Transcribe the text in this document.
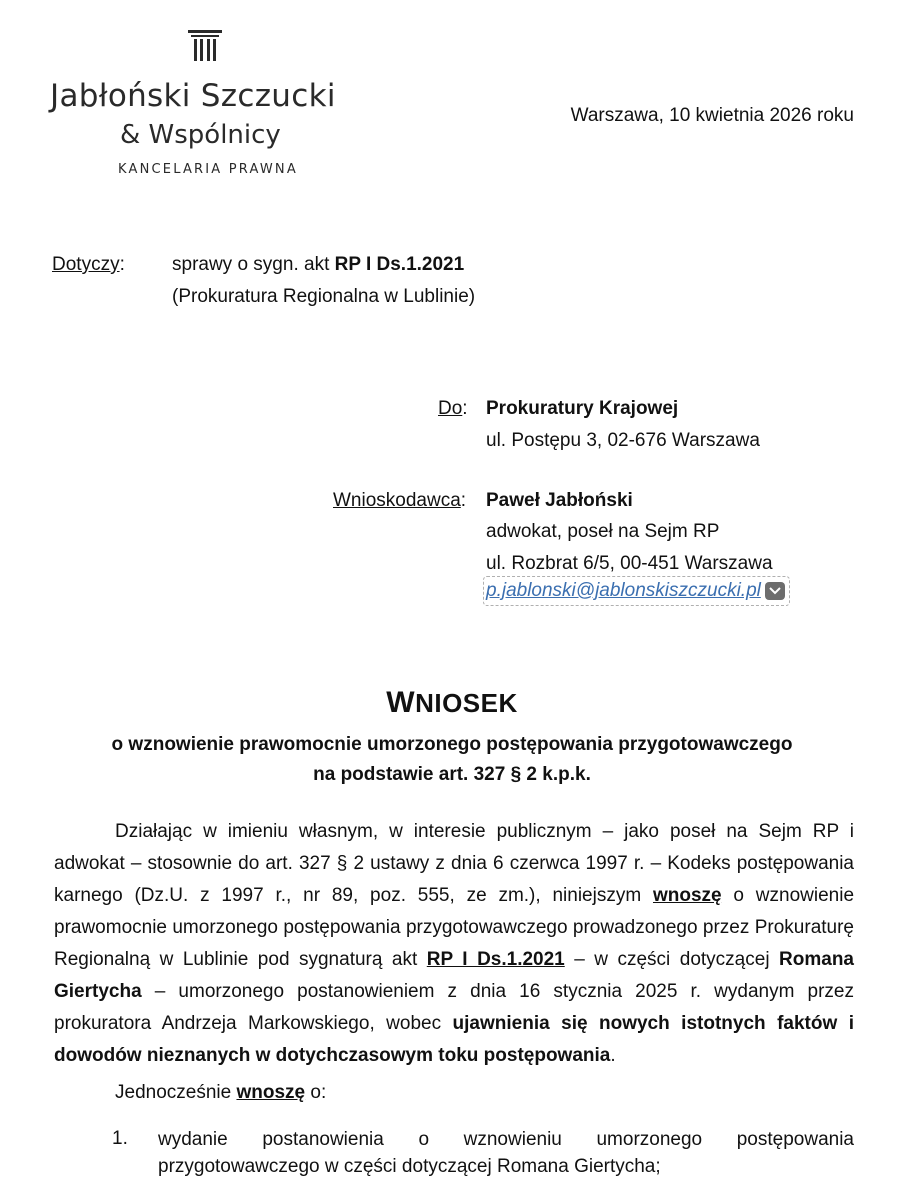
Jabłoński Szczucki
& Wspólnicy
KANCELARIA PRAWNA
Warszawa, 10 kwietnia 2026 roku
Dotyczy: sprawy o sygn. akt RP I Ds.1.2021
(Prokuratura Regionalna w Lublinie)
Do: Prokuratury Krajowej
ul. Postępu 3, 02-676 Warszawa
Wnioskodawca: Paweł Jabłoński
adwokat, poseł na Sejm RP
ul. Rozbrat 6/5, 00-451 Warszawa
p.jablonski@jablonskiszczucki.pl
WNIOSEK
o wznowienie prawomocnie umorzonego postępowania przygotowawczego
na podstawie art. 327 § 2 k.p.k.
Działając w imieniu własnym, w interesie publicznym – jako poseł na Sejm RP i adwokat – stosownie do art. 327 § 2 ustawy z dnia 6 czerwca 1997 r. – Kodeks postępowania karnego (Dz.U. z 1997 r., nr 89, poz. 555, ze zm.), niniejszym wnoszę o wznowienie prawomocnie umorzonego postępowania przygotowawczego prowadzonego przez Prokuraturę Regionalną w Lublinie pod sygnaturą akt RP I Ds.1.2021 – w części dotyczącej Romana Giertycha – umorzonego postanowieniem z dnia 16 stycznia 2025 r. wydanym przez prokuratora Andrzeja Markowskiego, wobec ujawnienia się nowych istotnych faktów i dowodów nieznanych w dotychczasowym toku postępowania.
Jednocześnie wnoszę o:
1. wydanie postanowienia o wznowieniu umorzonego postępowania
przygotowawczego w części dotyczącej Romana Giertycha;
